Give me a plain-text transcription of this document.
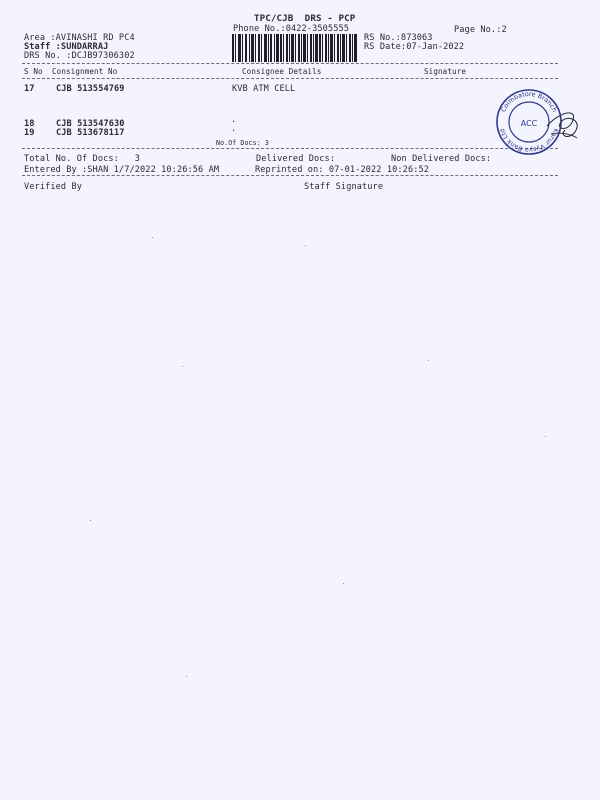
TPC/CJB  DRS - PCP
Phone No.:0422-3505555	Page No.:2
Area :AVINASHI RD PC4
Staff :SUNDARRAJ
DRS No. :DCJB97306302
RS No.:873063
RS Date:07-Jan-2022
S No Consignment No	Consignee Details	Signature
17 CJB 513554769	KVB ATM CELL
18 CJB 513547630	.
19 CJB 513678117	.
No.Of Docs: 3
Karur Vysya Bank Ltd
Coimbatore Branch
ACC
Total No. Of Docs:   3	Delivered Docs:	Non Delivered Docs:
Entered By :SHAN 1/7/2022 10:26:56 AM	Reprinted on: 07-01-2022 10:26:52
Verified By	Staff Signature
